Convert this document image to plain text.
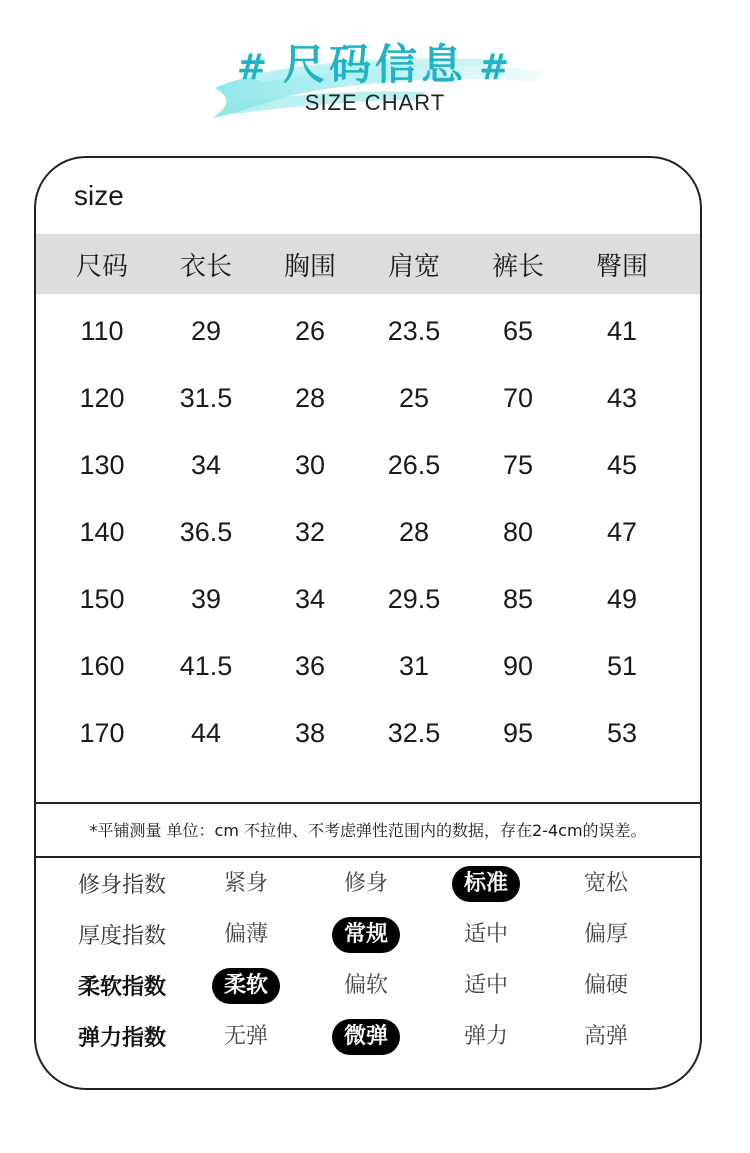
# 尺码信息 #
SIZE CHART
size
尺码	衣长	胸围	肩宽	裤长	臀围
110	29	26	23.5	65	41
120	31.5	28	25	70	43
130	34	30	26.5	75	45
140	36.5	32	28	80	47
150	39	34	29.5	85	49
160	41.5	36	31	90	51
170	44	38	32.5	95	53
*平铺测量 单位：cm 不拉伸、不考虑弹性范围内的数据，存在2-4cm的误差。
修身指数	紧身	修身	标准	宽松
厚度指数	偏薄	常规	适中	偏厚
柔软指数	柔软	偏软	适中	偏硬
弹力指数	无弹	微弹	弹力	高弹
